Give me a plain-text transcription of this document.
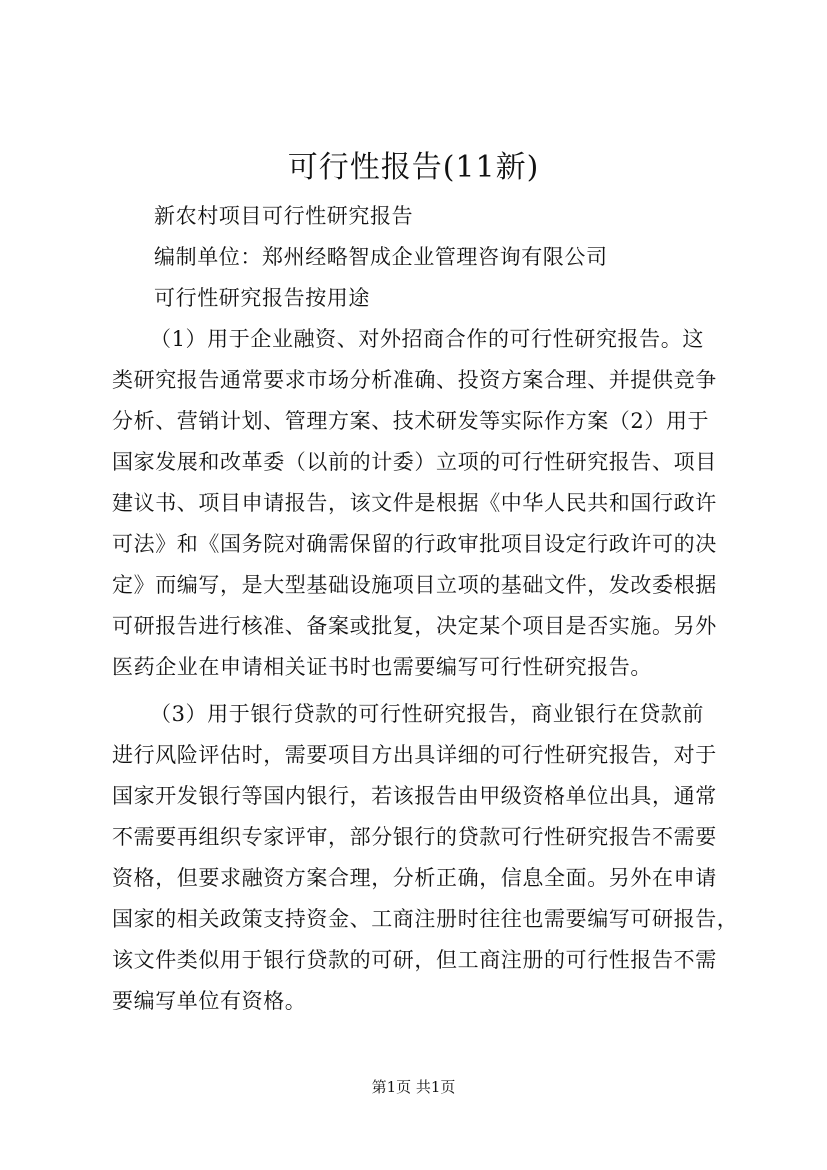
可行性报告(11新)
新农村项目可行性研究报告
编制单位：郑州经略智成企业管理咨询有限公司
可行性研究报告按用途
（1）用于企业融资、对外招商合作的可行性研究报告。这
类研究报告通常要求市场分析准确、投资方案合理、并提供竞争
分析、营销计划、管理方案、技术研发等实际作方案（2）用于
国家发展和改革委（以前的计委）立项的可行性研究报告、项目
建议书、项目申请报告，该文件是根据《中华人民共和国行政许
可法》和《国务院对确需保留的行政审批项目设定行政许可的决
定》而编写，是大型基础设施项目立项的基础文件，发改委根据
可研报告进行核准、备案或批复，决定某个项目是否实施。另外
医药企业在申请相关证书时也需要编写可行性研究报告。
（3）用于银行贷款的可行性研究报告，商业银行在贷款前
进行风险评估时，需要项目方出具详细的可行性研究报告，对于
国家开发银行等国内银行，若该报告由甲级资格单位出具，通常
不需要再组织专家评审，部分银行的贷款可行性研究报告不需要
资格，但要求融资方案合理，分析正确，信息全面。另外在申请
国家的相关政策支持资金、工商注册时往往也需要编写可研报告，
该文件类似用于银行贷款的可研，但工商注册的可行性报告不需
要编写单位有资格。
第1页 共1页
